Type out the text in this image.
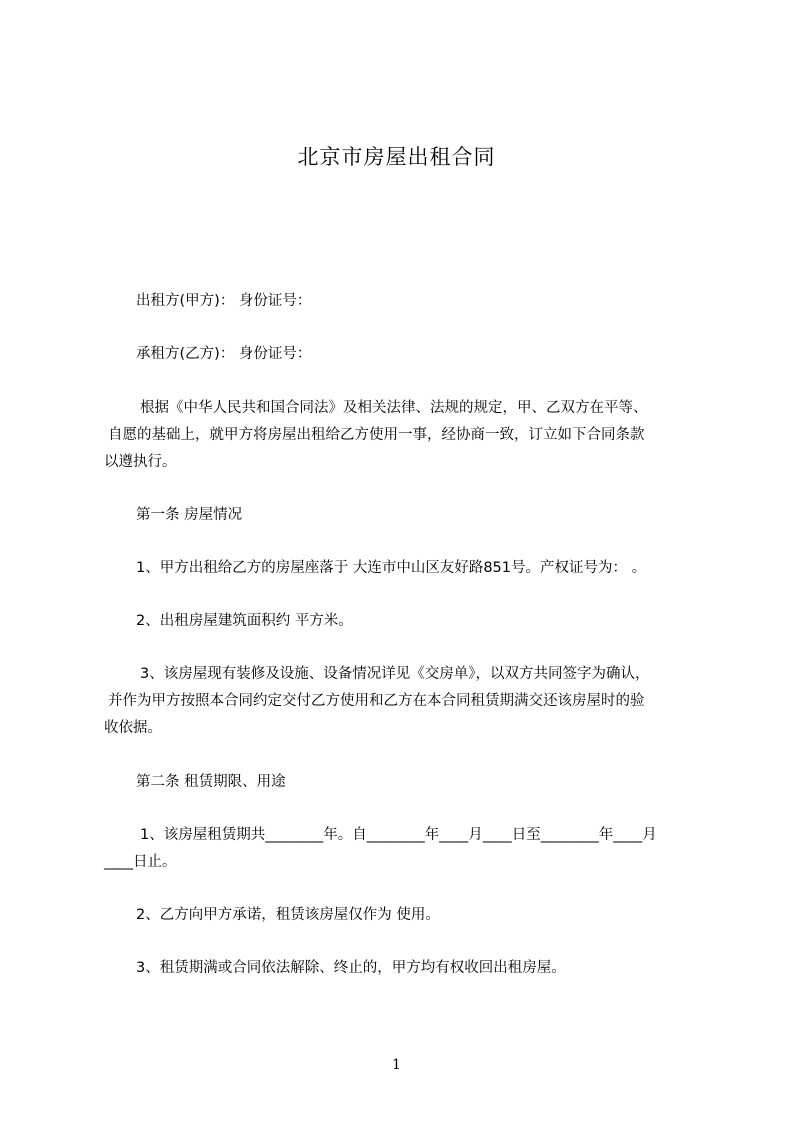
北京市房屋出租合同
出租方(甲方)： 身份证号：
承租方(乙方)： 身份证号：
根据《中华人民共和国合同法》及相关法律、法规的规定，甲、乙双方在平等、
自愿的基础上，就甲方将房屋出租给乙方使用一事，经协商一致，订立如下合同条款
以遵执行。
第一条 房屋情况
1、甲方出租给乙方的房屋座落于 大连市中山区友好路851号。产权证号为： 。
2、出租房屋建筑面积约 平方米。
3、该房屋现有装修及设施、设备情况详见《交房单》，以双方共同签字为确认，
并作为甲方按照本合同约定交付乙方使用和乙方在本合同租赁期满交还该房屋时的验
收依据。
第二条 租赁期限、用途
1、该房屋租赁期共________年。自________年____月____日至________年____月
____日止。
2、乙方向甲方承诺，租赁该房屋仅作为 使用。
3、租赁期满或合同依法解除、终止的，甲方均有权收回出租房屋。
1
